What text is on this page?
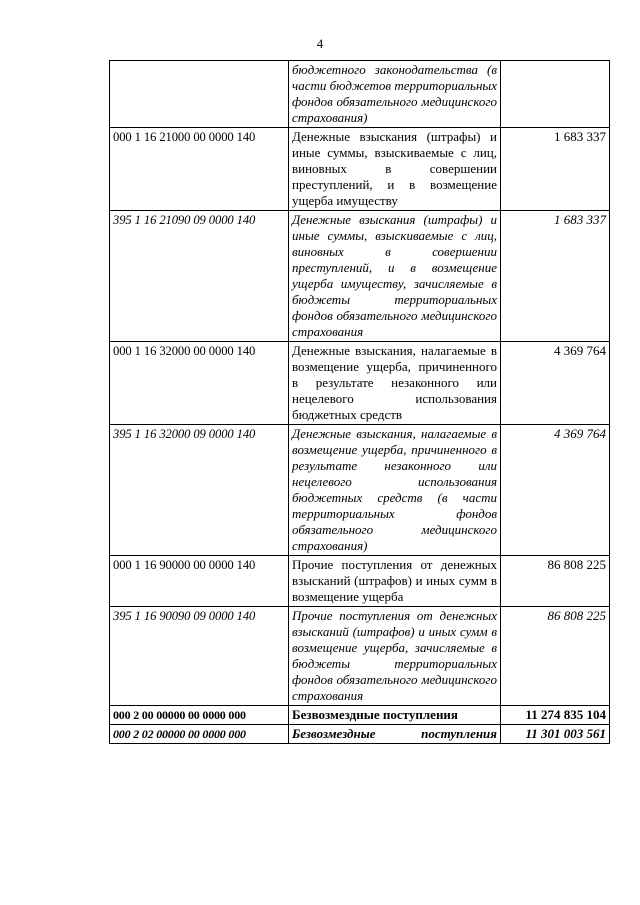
4
	бюджетного законодательства (в части бюджетов территориальных фондов обязательного медицинского страхования)	
000 1 16 21000 00 0000 140	Денежные взыскания (штрафы) и иные суммы, взыскиваемые с лиц, виновных в совершении преступлений, и в возмещение ущерба имуществу	1 683 337
395 1 16 21090 09 0000 140	Денежные взыскания (штрафы) и иные суммы, взыскиваемые с лиц, виновных в совершении преступлений, и в возмещение ущерба имуществу, зачисляемые в бюджеты территориальных фондов обязательного медицинского страхования	1 683 337
000 1 16 32000 00 0000 140	Денежные взыскания, налагаемые в возмещение ущерба, причиненного в результате незаконного или нецелевого использования бюджетных средств	4 369 764
395 1 16 32000 09 0000 140	Денежные взыскания, налагаемые в возмещение ущерба, причиненного в результате незаконного или нецелевого использования бюджетных средств (в части территориальных фондов обязательного медицинского страхования)	4 369 764
000 1 16 90000 00 0000 140	Прочие поступления от денежных взысканий (штрафов) и иных сумм в возмещение ущерба	86 808 225
395 1 16 90090 09 0000 140	Прочие поступления от денежных взысканий (штрафов) и иных сумм в возмещение ущерба, зачисляемые в бюджеты территориальных фондов обязательного медицинского страхования	86 808 225
000 2 00 00000 00 0000 000	Безвозмездные поступления	11 274 835 104
000 2 02 00000 00 0000 000	Безвозмездные поступления	11 301 003 561
